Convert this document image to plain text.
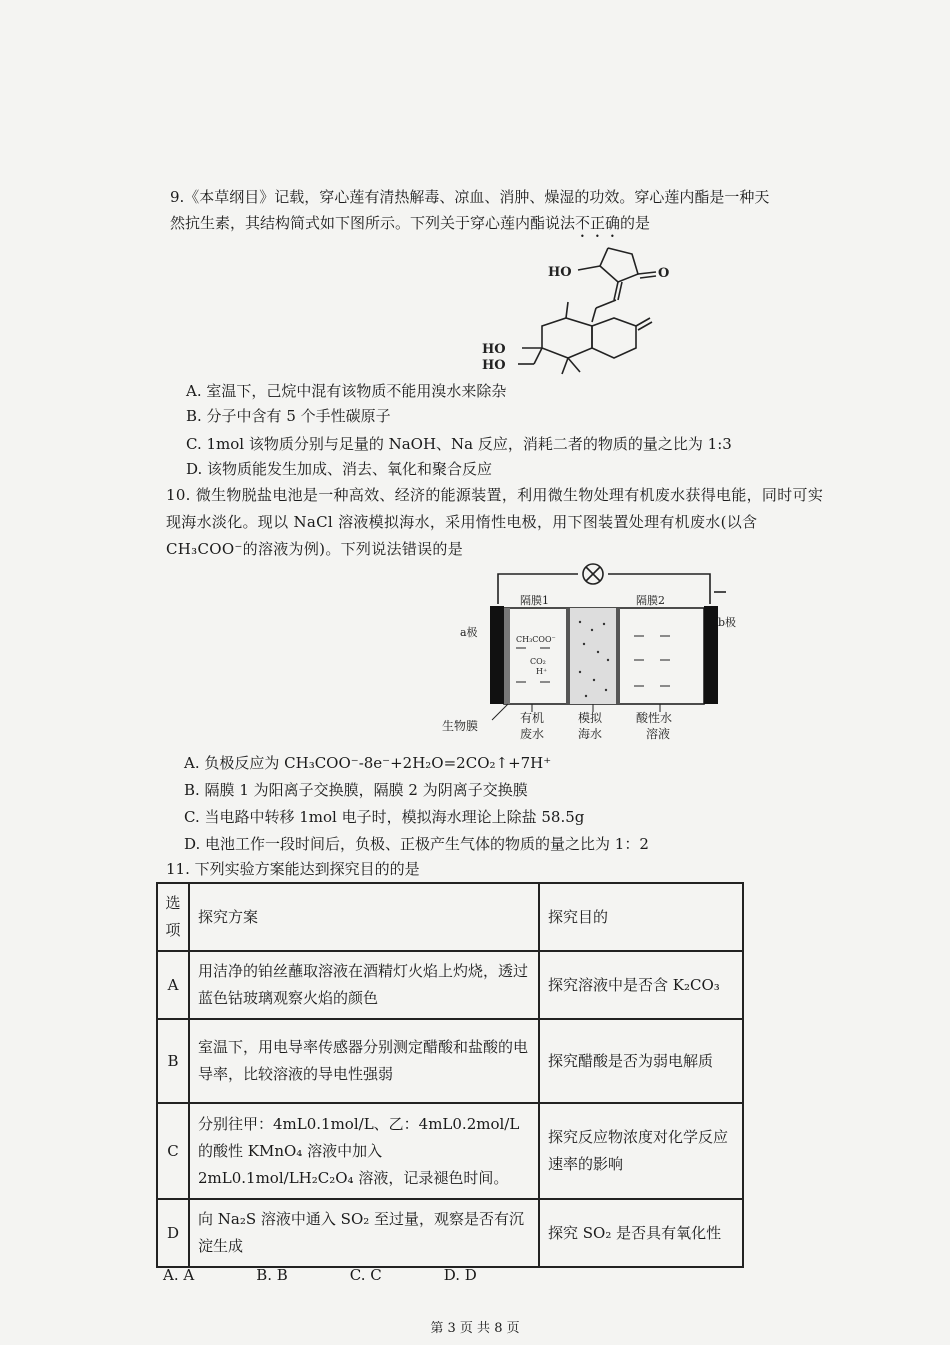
9.《本草纲目》记载，穿心莲有清热解毒、凉血、消肿、燥湿的功效。穿心莲内酯是一种天
然抗生素，其结构简式如下图所示。下列关于穿心莲内酯说法不正确的是
HO	O
HO
HO
A. 室温下，己烷中混有该物质不能用溴水来除杂
B. 分子中含有 5 个手性碳原子
C. 1mol 该物质分别与足量的 NaOH、Na 反应，消耗二者的物质的量之比为 1:3
D. 该物质能发生加成、消去、氧化和聚合反应
10. 微生物脱盐电池是一种高效、经济的能源装置，利用微生物处理有机废水获得电能，同时可实现海水淡化。现以 NaCl 溶液模拟海水，采用惰性电极，用下图装置处理有机废水(以含 CH₃COO⁻的溶液为例)。下列说法错误的是
隔膜1	隔膜2
a极
b极
CH₃COO⁻
CO₂
H⁺
生物膜
有机
废水
模拟
海水
酸性水
溶液
A. 负极反应为 CH₃COO⁻-8e⁻+2H₂O=2CO₂↑+7H⁺
B. 隔膜 1 为阳离子交换膜，隔膜 2 为阴离子交换膜
C. 当电路中转移 1mol 电子时，模拟海水理论上除盐 58.5g
D. 电池工作一段时间后，负极、正极产生气体的物质的量之比为 1：2
11. 下列实验方案能达到探究目的的是
选
项	探究方案	探究目的
A	用洁净的铂丝蘸取溶液在酒精灯火焰上灼烧，透过蓝色钴玻璃观察火焰的颜色	探究溶液中是否含 K₂CO₃
B	室温下，用电导率传感器分别测定醋酸和盐酸的电导率，比较溶液的导电性强弱	探究醋酸是否为弱电解质
C	分别往甲：4mL0.1mol/L、乙：4mL0.2mol/L 的酸性 KMnO₄ 溶液中加入 2mL0.1mol/LH₂C₂O₄ 溶液，记录褪色时间。	探究反应物浓度对化学反应速率的影响
D	向 Na₂S 溶液中通入 SO₂ 至过量，观察是否有沉淀生成	探究 SO₂ 是否具有氧化性
A. A	B. B	C. C	D. D
第 3 页 共 8 页
